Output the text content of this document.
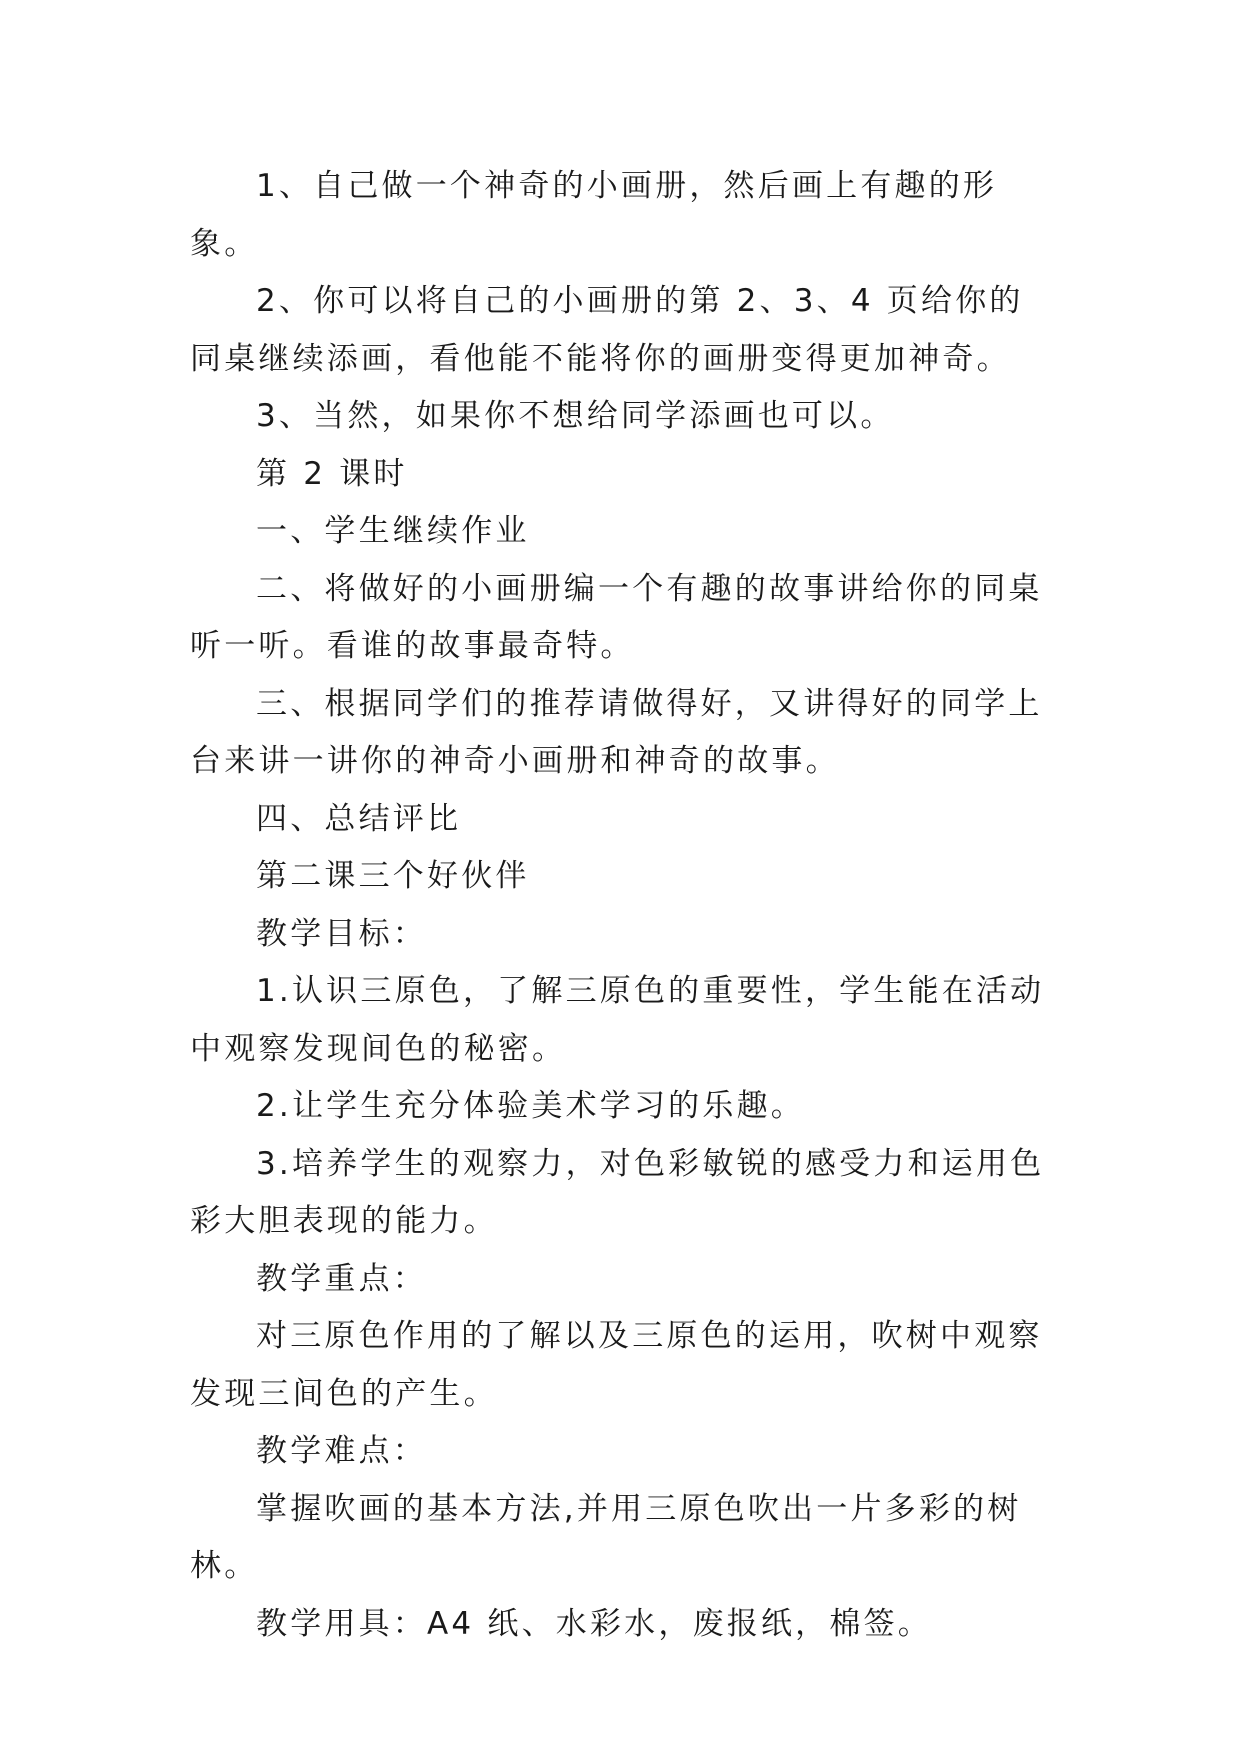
1、自己做一个神奇的小画册，然后画上有趣的形象。

2、你可以将自己的小画册的第 2、3、4 页给你的同桌继续添画，看他能不能将你的画册变得更加神奇。

3、当然，如果你不想给同学添画也可以。

第 2 课时

一、学生继续作业

二、将做好的小画册编一个有趣的故事讲给你的同桌听一听。看谁的故事最奇特。

三、根据同学们的推荐请做得好，又讲得好的同学上台来讲一讲你的神奇小画册和神奇的故事。

四、总结评比

第二课三个好伙伴

教学目标：

1.认识三原色，了解三原色的重要性，学生能在活动中观察发现间色的秘密。

2.让学生充分体验美术学习的乐趣。

3.培养学生的观察力，对色彩敏锐的感受力和运用色彩大胆表现的能力。

教学重点：

对三原色作用的了解以及三原色的运用，吹树中观察发现三间色的产生。

教学难点：

掌握吹画的基本方法,并用三原色吹出一片多彩的树林。

教学用具：A4 纸、水彩水，废报纸，棉签。
